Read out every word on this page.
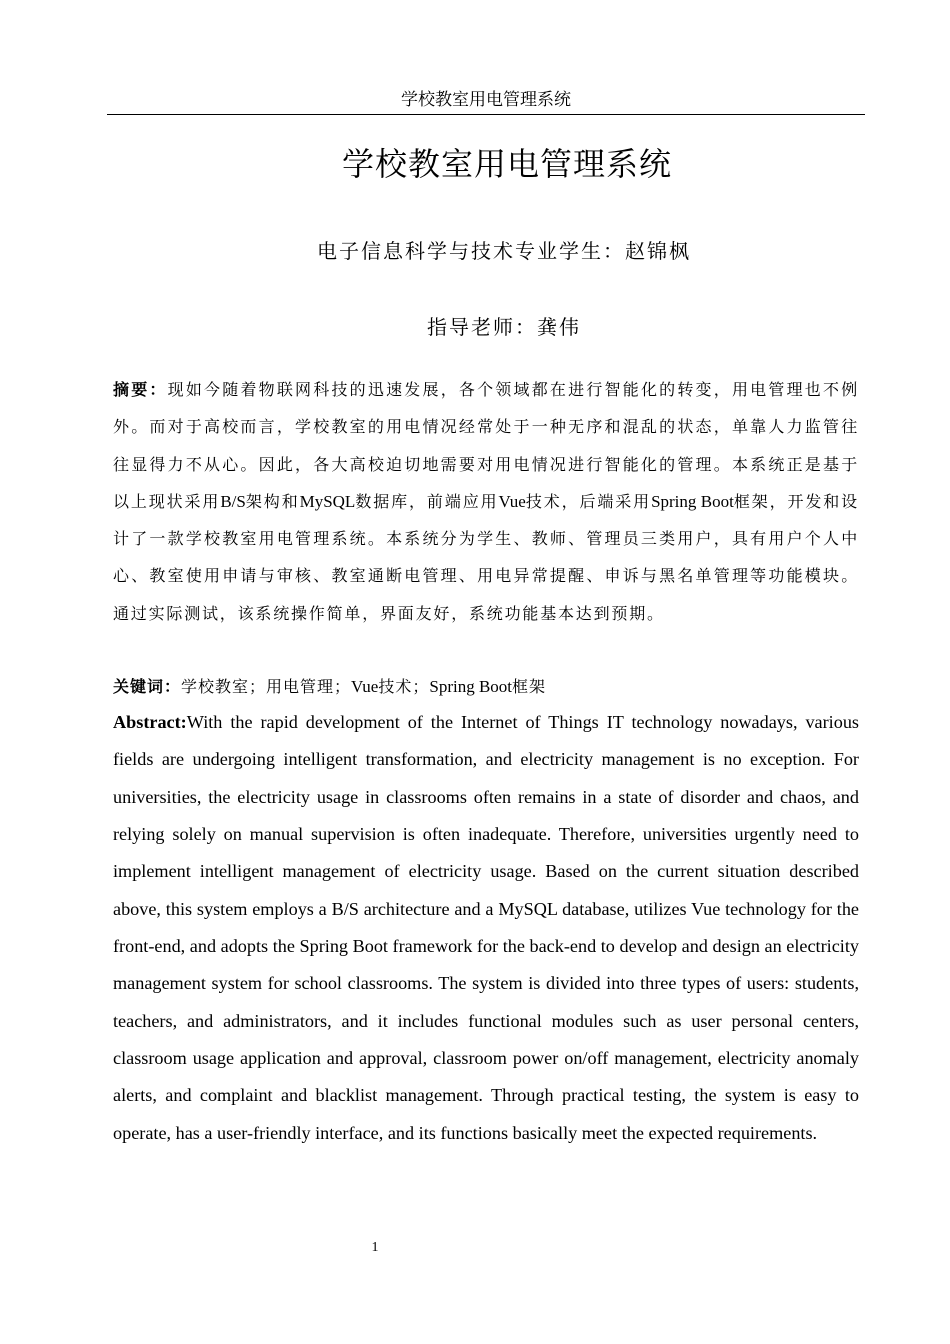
学校教室用电管理系统
学校教室用电管理系统
电子信息科学与技术专业学生：赵锦枫
指导老师：龚伟
摘要：现如今随着物联网科技的迅速发展，各个领域都在进行智能化的转变，用电管理也不例外。而对于高校而言，学校教室的用电情况经常处于一种无序和混乱的状态，单靠人力监管往往显得力不从心。因此，各大高校迫切地需要对用电情况进行智能化的管理。本系统正是基于以上现状采用B/S架构和MySQL数据库，前端应用Vue技术，后端采用Spring Boot框架，开发和设计了一款学校教室用电管理系统。本系统分为学生、教师、管理员三类用户，具有用户个人中心、教室使用申请与审核、教室通断电管理、用电异常提醒、申诉与黑名单管理等功能模块。通过实际测试，该系统操作简单，界面友好，系统功能基本达到预期。
关键词：学校教室；用电管理；Vue技术；Spring Boot框架
Abstract:With the rapid development of the Internet of Things IT technology nowadays, various fields are undergoing intelligent transformation, and electricity management is no exception. For universities, the electricity usage in classrooms often remains in a state of disorder and chaos, and relying solely on manual supervision is often inadequate. Therefore, universities urgently need to implement intelligent management of electricity usage. Based on the current situation described above, this system employs a B/S architecture and a MySQL database, utilizes Vue technology for the front-end, and adopts the Spring Boot framework for the back-end to develop and design an electricity management system for school classrooms. The system is divided into three types of users: students, teachers, and administrators, and it includes functional modules such as user personal centers, classroom usage application and approval, classroom power on/off management, electricity anomaly alerts, and complaint and blacklist management. Through practical testing, the system is easy to operate, has a user-friendly interface, and its functions basically meet the expected requirements.
1
